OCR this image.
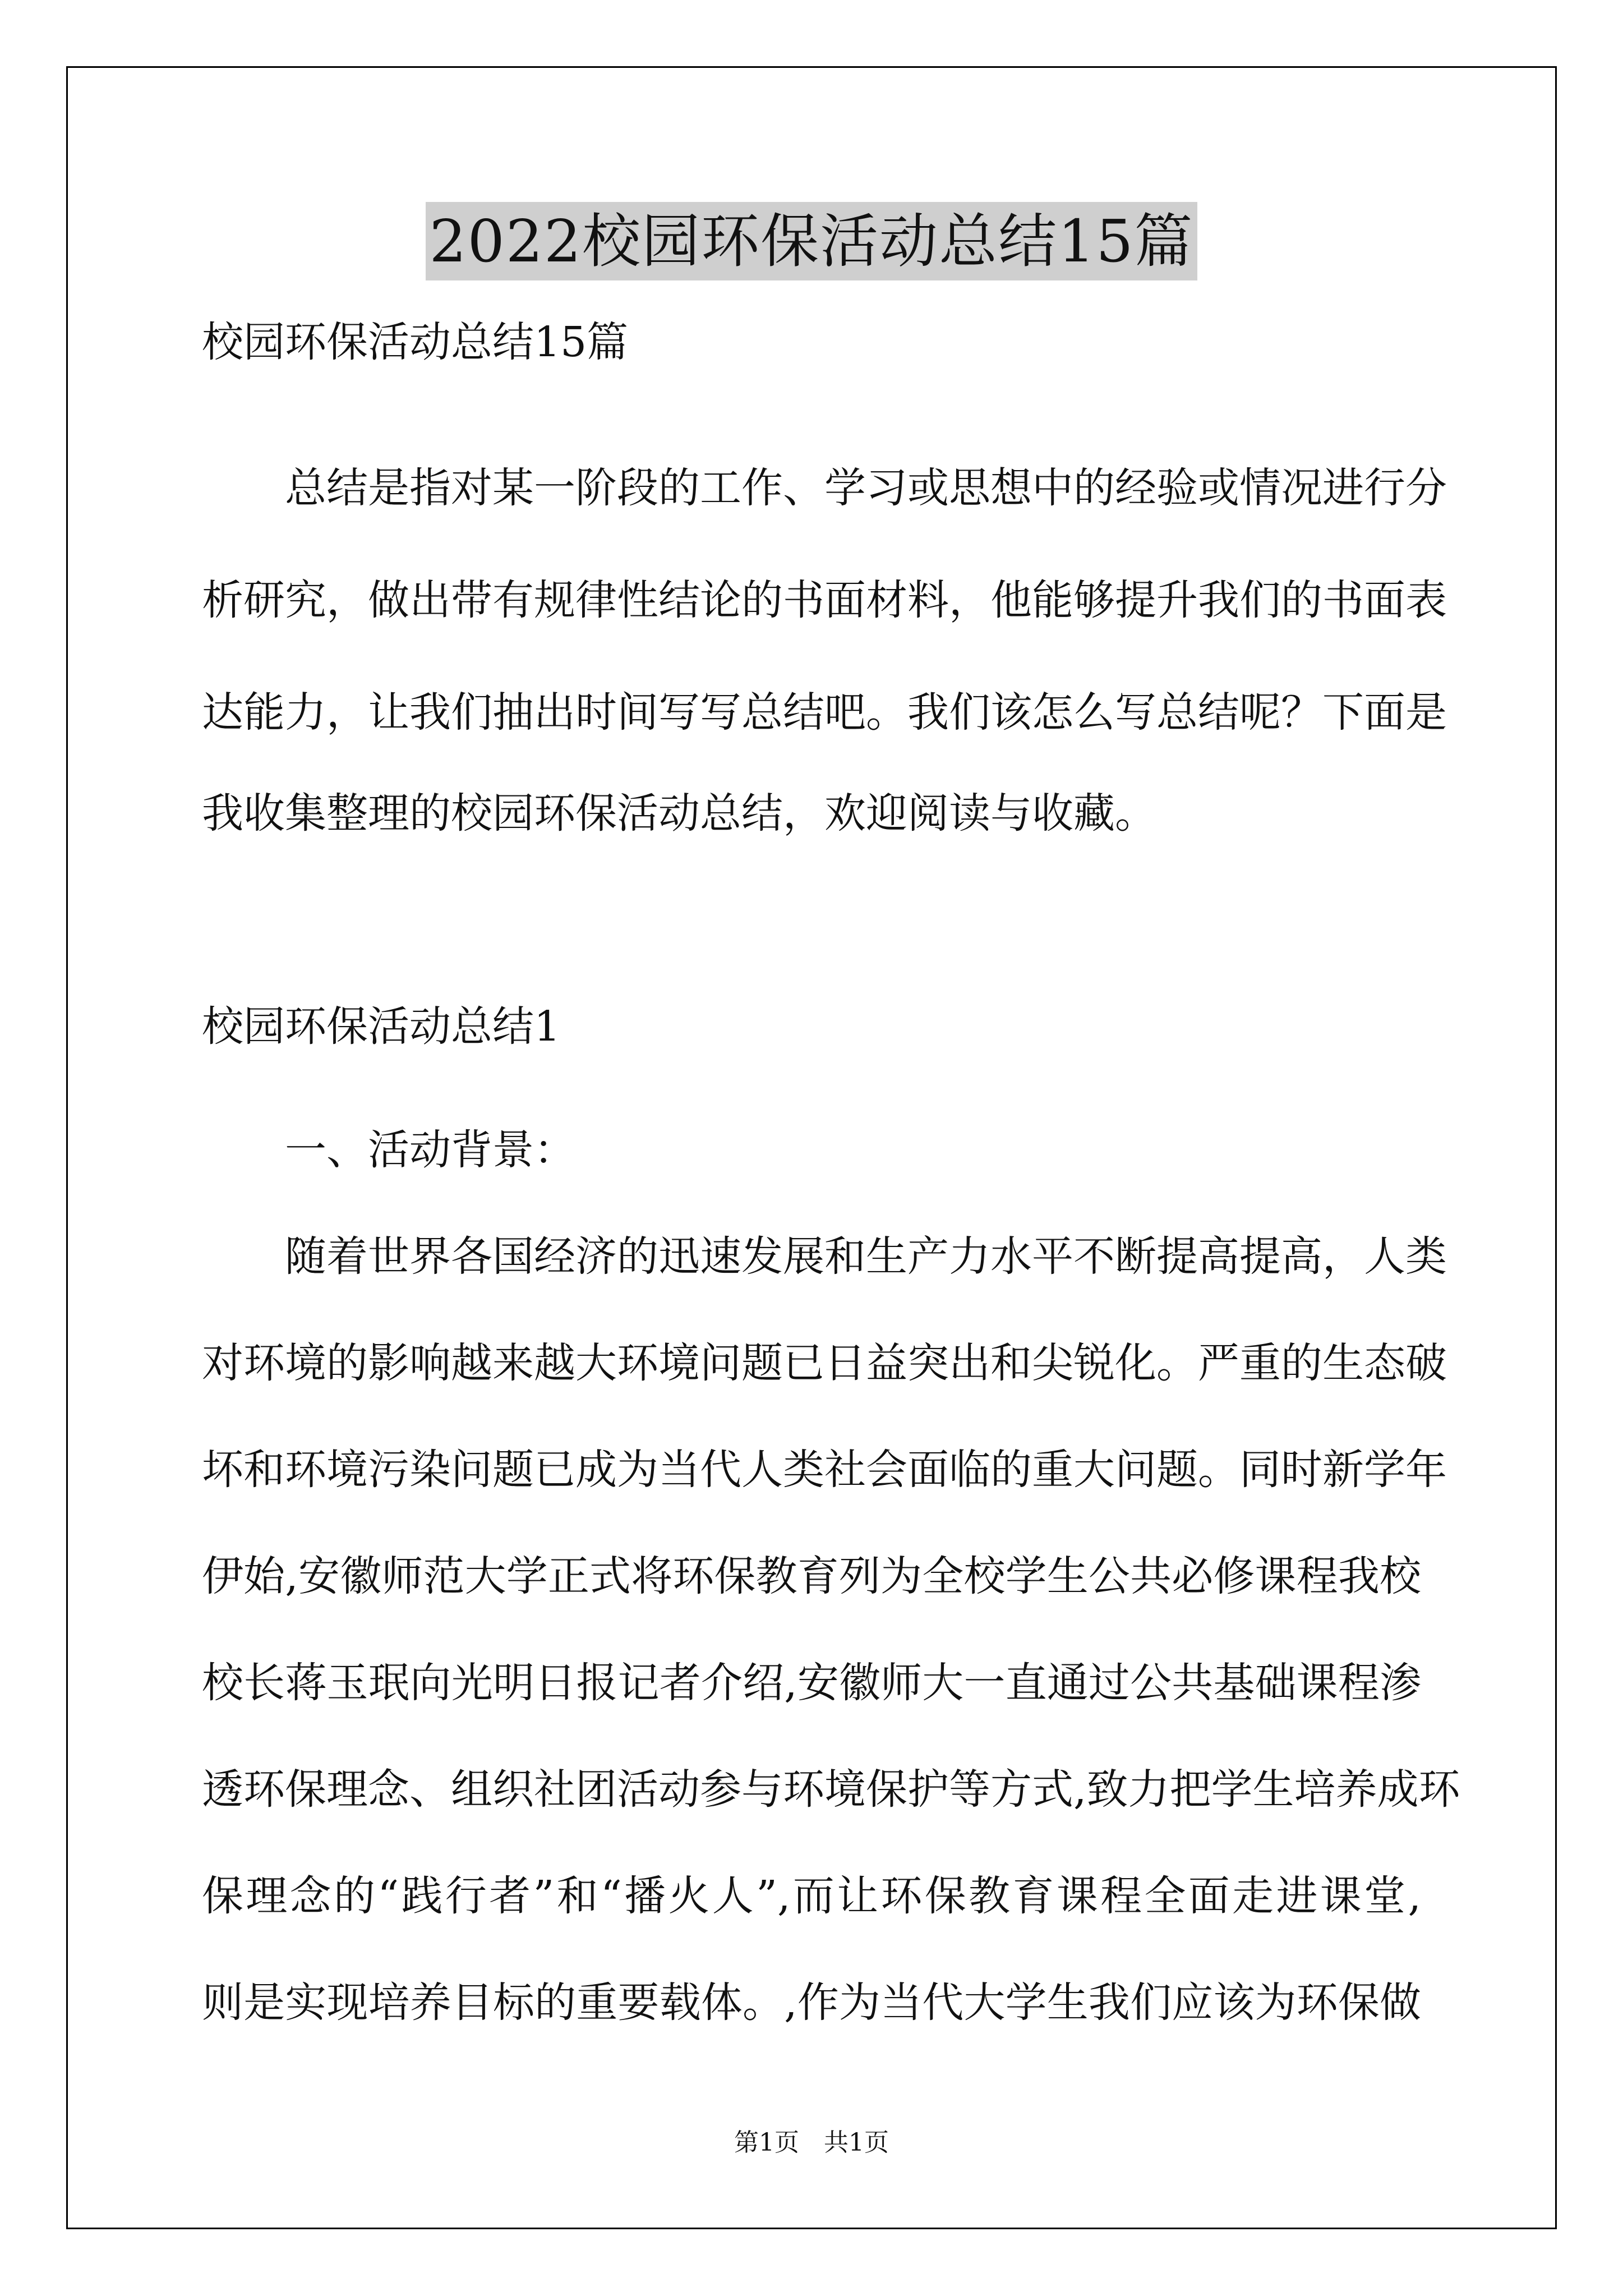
2022校园环保活动总结15篇
校园环保活动总结15篇
总结是指对某一阶段的工作、学习或思想中的经验或情况进行分
析研究，做出带有规律性结论的书面材料，他能够提升我们的书面表
达能力，让我们抽出时间写写总结吧。我们该怎么写总结呢？下面是
我收集整理的校园环保活动总结，欢迎阅读与收藏。
校园环保活动总结1
一、活动背景：
随着世界各国经济的迅速发展和生产力水平不断提高提高，人类
对环境的影响越来越大环境问题已日益突出和尖锐化。严重的生态破
坏和环境污染问题已成为当代人类社会面临的重大问题。同时新学年
伊始,安徽师范大学正式将环保教育列为全校学生公共必修课程我校
校长蒋玉珉向光明日报记者介绍,安徽师大一直通过公共基础课程渗
透环保理念、组织社团活动参与环境保护等方式,致力把学生培养成环
保理念的“践行者”和“播火人”,而让环保教育课程全面走进课堂,
则是实现培养目标的重要载体。,作为当代大学生我们应该为环保做
第1页　共1页
